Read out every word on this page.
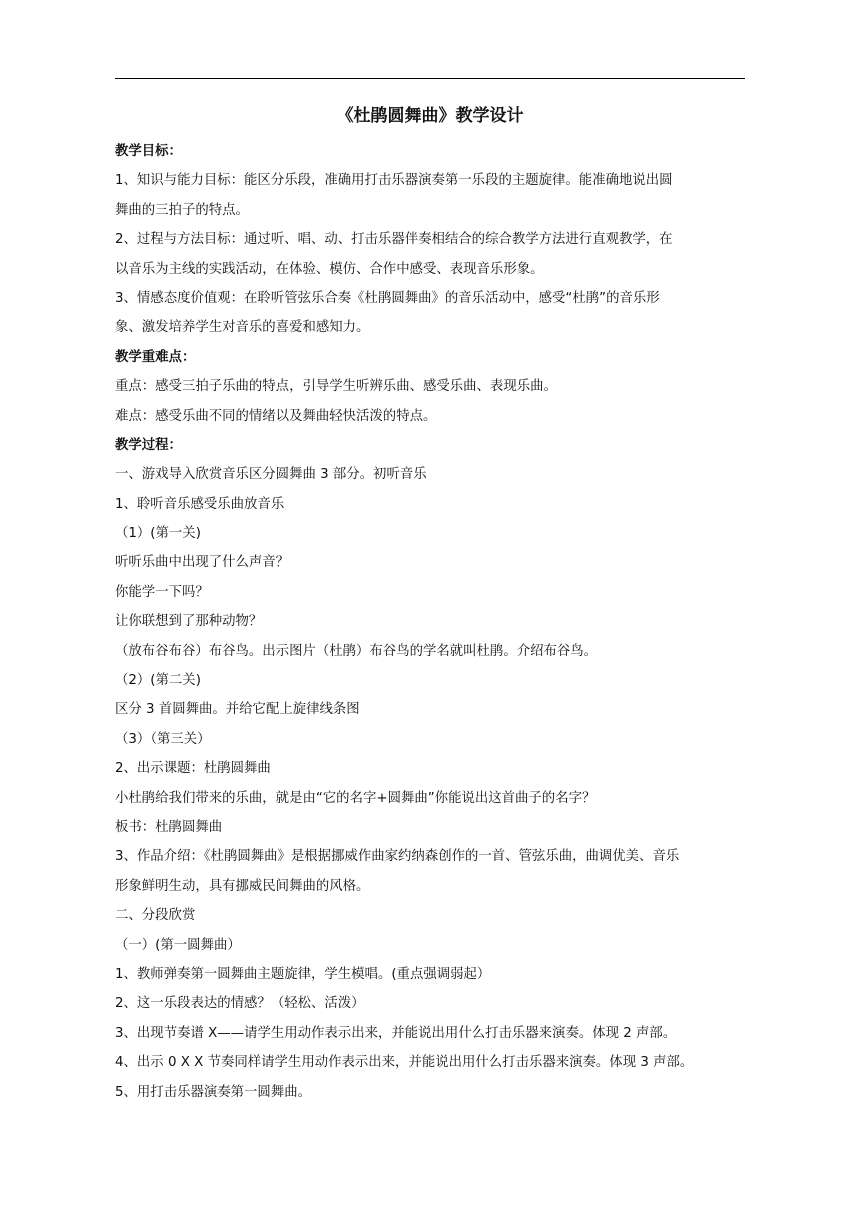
《杜鹃圆舞曲》教学设计
教学目标：
1、知识与能力目标：能区分乐段，准确用打击乐器演奏第一乐段的主题旋律。能准确地说出圆
舞曲的三拍子的特点。
2、过程与方法目标：通过听、唱、动、打击乐器伴奏相结合的综合教学方法进行直观教学，在
以音乐为主线的实践活动，在体验、模仿、合作中感受、表现音乐形象。
3、情感态度价值观：在聆听管弦乐合奏《杜鹃圆舞曲》的音乐活动中，感受“杜鹃”的音乐形
象、激发培养学生对音乐的喜爱和感知力。
教学重难点：
重点：感受三拍子乐曲的特点，引导学生听辨乐曲、感受乐曲、表现乐曲。
难点：感受乐曲不同的情绪以及舞曲轻快活泼的特点。
教学过程：
一、游戏导入欣赏音乐区分圆舞曲 3 部分。初听音乐
1、聆听音乐感受乐曲放音乐
（1）(第一关)
听听乐曲中出现了什么声音？
你能学一下吗？
让你联想到了那种动物？
（放布谷布谷）布谷鸟。出示图片（杜鹃）布谷鸟的学名就叫杜鹃。介绍布谷鸟。
（2）(第二关)
区分 3 首圆舞曲。并给它配上旋律线条图
（3）（第三关）
2、出示课题：杜鹃圆舞曲
小杜鹃给我们带来的乐曲，就是由“它的名字+圆舞曲”你能说出这首曲子的名字？
板书：杜鹃圆舞曲
3、作品介绍：《杜鹃圆舞曲》是根据挪威作曲家约纳森创作的一首、管弦乐曲，曲调优美、音乐
形象鲜明生动，具有挪威民间舞曲的风格。
二、分段欣赏
（一）(第一圆舞曲）
1、教师弹奏第一圆舞曲主题旋律，学生模唱。(重点强调弱起）
2、这一乐段表达的情感？（轻松、活泼）
3、出现节奏谱 X——请学生用动作表示出来，并能说出用什么打击乐器来演奏。体现 2 声部。
4、出示 0 X X 节奏同样请学生用动作表示出来，并能说出用什么打击乐器来演奏。体现 3 声部。
5、用打击乐器演奏第一圆舞曲。
